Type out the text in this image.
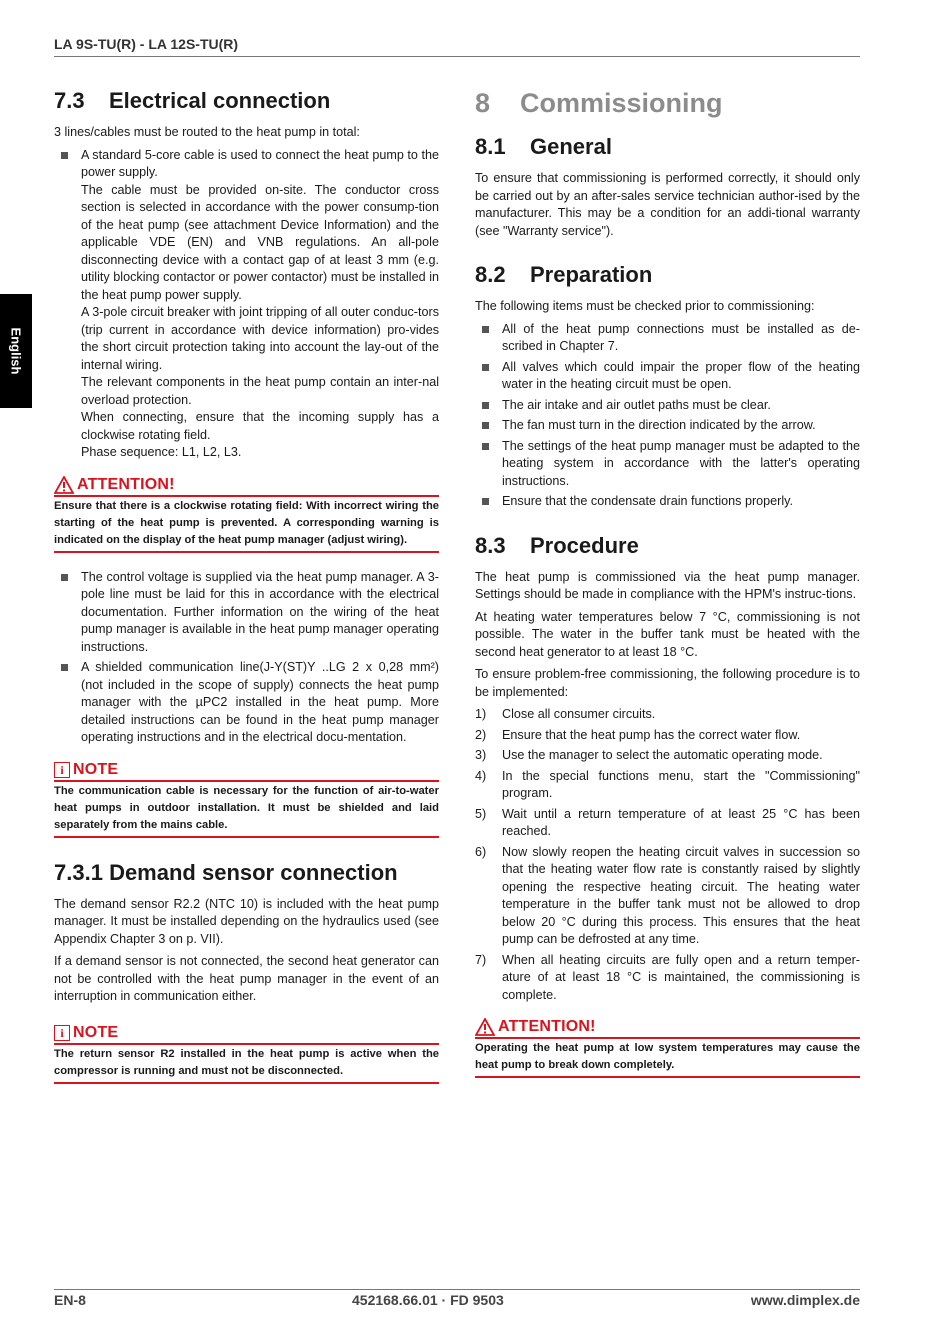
LA 9S-TU(R) - LA 12S-TU(R)
English
7.3 Electrical connection

3 lines/cables must be routed to the heat pump in total:

A standard 5-core cable is used to connect the heat pump to the power supply.
The cable must be provided on-site. The conductor cross section is selected in accordance with the power consump-tion of the heat pump (see attachment Device Information) and the applicable VDE (EN) and VNB regulations. An all-pole disconnecting device with a contact gap of at least 3 mm (e.g. utility blocking contactor or power contactor) must be installed in the heat pump power supply.
A 3-pole circuit breaker with joint tripping of all outer conduc-tors (trip current in accordance with device information) pro-vides the short circuit protection taking into account the lay-out of the internal wiring.
The relevant components in the heat pump contain an inter-nal overload protection.
When connecting, ensure that the incoming supply has a clockwise rotating field.
Phase sequence: L1, L2, L3.
ATTENTION!
Ensure that there is a clockwise rotating field: With incorrect wiring the starting of the heat pump is prevented. A corresponding warning is indicated on the display of the heat pump manager (adjust wiring).
The control voltage is supplied via the heat pump manager. A 3-pole line must be laid for this in accordance with the electrical documentation. Further information on the wiring of the heat pump manager is available in the heat pump manager operating instructions.
A shielded communication line(J-Y(ST)Y ..LG 2 x 0,28 mm²) (not included in the scope of supply) connects the heat pump manager with the µPC2 installed in the heat pump. More detailed instructions can be found in the heat pump manager operating instructions and in the electrical docu-mentation.
i NOTE
The communication cable is necessary for the function of air-to-water heat pumps in outdoor installation. It must be shielded and laid separately from the mains cable.
7.3.1 Demand sensor connection

The demand sensor R2.2 (NTC 10) is included with the heat pump manager. It must be installed depending on the hydraulics used (see Appendix Chapter 3 on p. VII).

If a demand sensor is not connected, the second heat generator can not be controlled with the heat pump manager in the event of an interruption in communication either.

i NOTE
The return sensor R2 installed in the heat pump is active when the compressor is running and must not be disconnected.
8 Commissioning
8.1 General

To ensure that commissioning is performed correctly, it should only be carried out by an after-sales service technician author-ised by the manufacturer. This may be a condition for an addi-tional warranty (see "Warranty service").

8.2 Preparation

The following items must be checked prior to commissioning:

All of the heat pump connections must be installed as de-scribed in Chapter 7.
All valves which could impair the proper flow of the heating water in the heating circuit must be open.
The air intake and air outlet paths must be clear.
The fan must turn in the direction indicated by the arrow.
The settings of the heat pump manager must be adapted to the heating system in accordance with the latter's operating instructions.
Ensure that the condensate drain functions properly.
8.3 Procedure

The heat pump is commissioned via the heat pump manager. Settings should be made in compliance with the HPM's instruc-tions.

At heating water temperatures below 7 °C, commissioning is not possible. The water in the buffer tank must be heated with the second heat generator to at least 18 °C.

To ensure problem-free commissioning, the following procedure is to be implemented:

1) Close all consumer circuits.
2) Ensure that the heat pump has the correct water flow.
3) Use the manager to select the automatic operating mode.
4) In the special functions menu, start the "Commissioning" program.
5) Wait until a return temperature of at least 25 °C has been reached.
6) Now slowly reopen the heating circuit valves in succession so that the heating water flow rate is constantly raised by slightly opening the respective heating circuit. The heating water temperature in the buffer tank must not be allowed to drop below 20 °C during this process. This ensures that the heat pump can be defrosted at any time.
7) When all heating circuits are fully open and a return temper-ature of at least 18 °C is maintained, the commissioning is complete.
ATTENTION!
Operating the heat pump at low system temperatures may cause the heat pump to break down completely.
EN-8	452168.66.01 · FD 9503	www.dimplex.de
